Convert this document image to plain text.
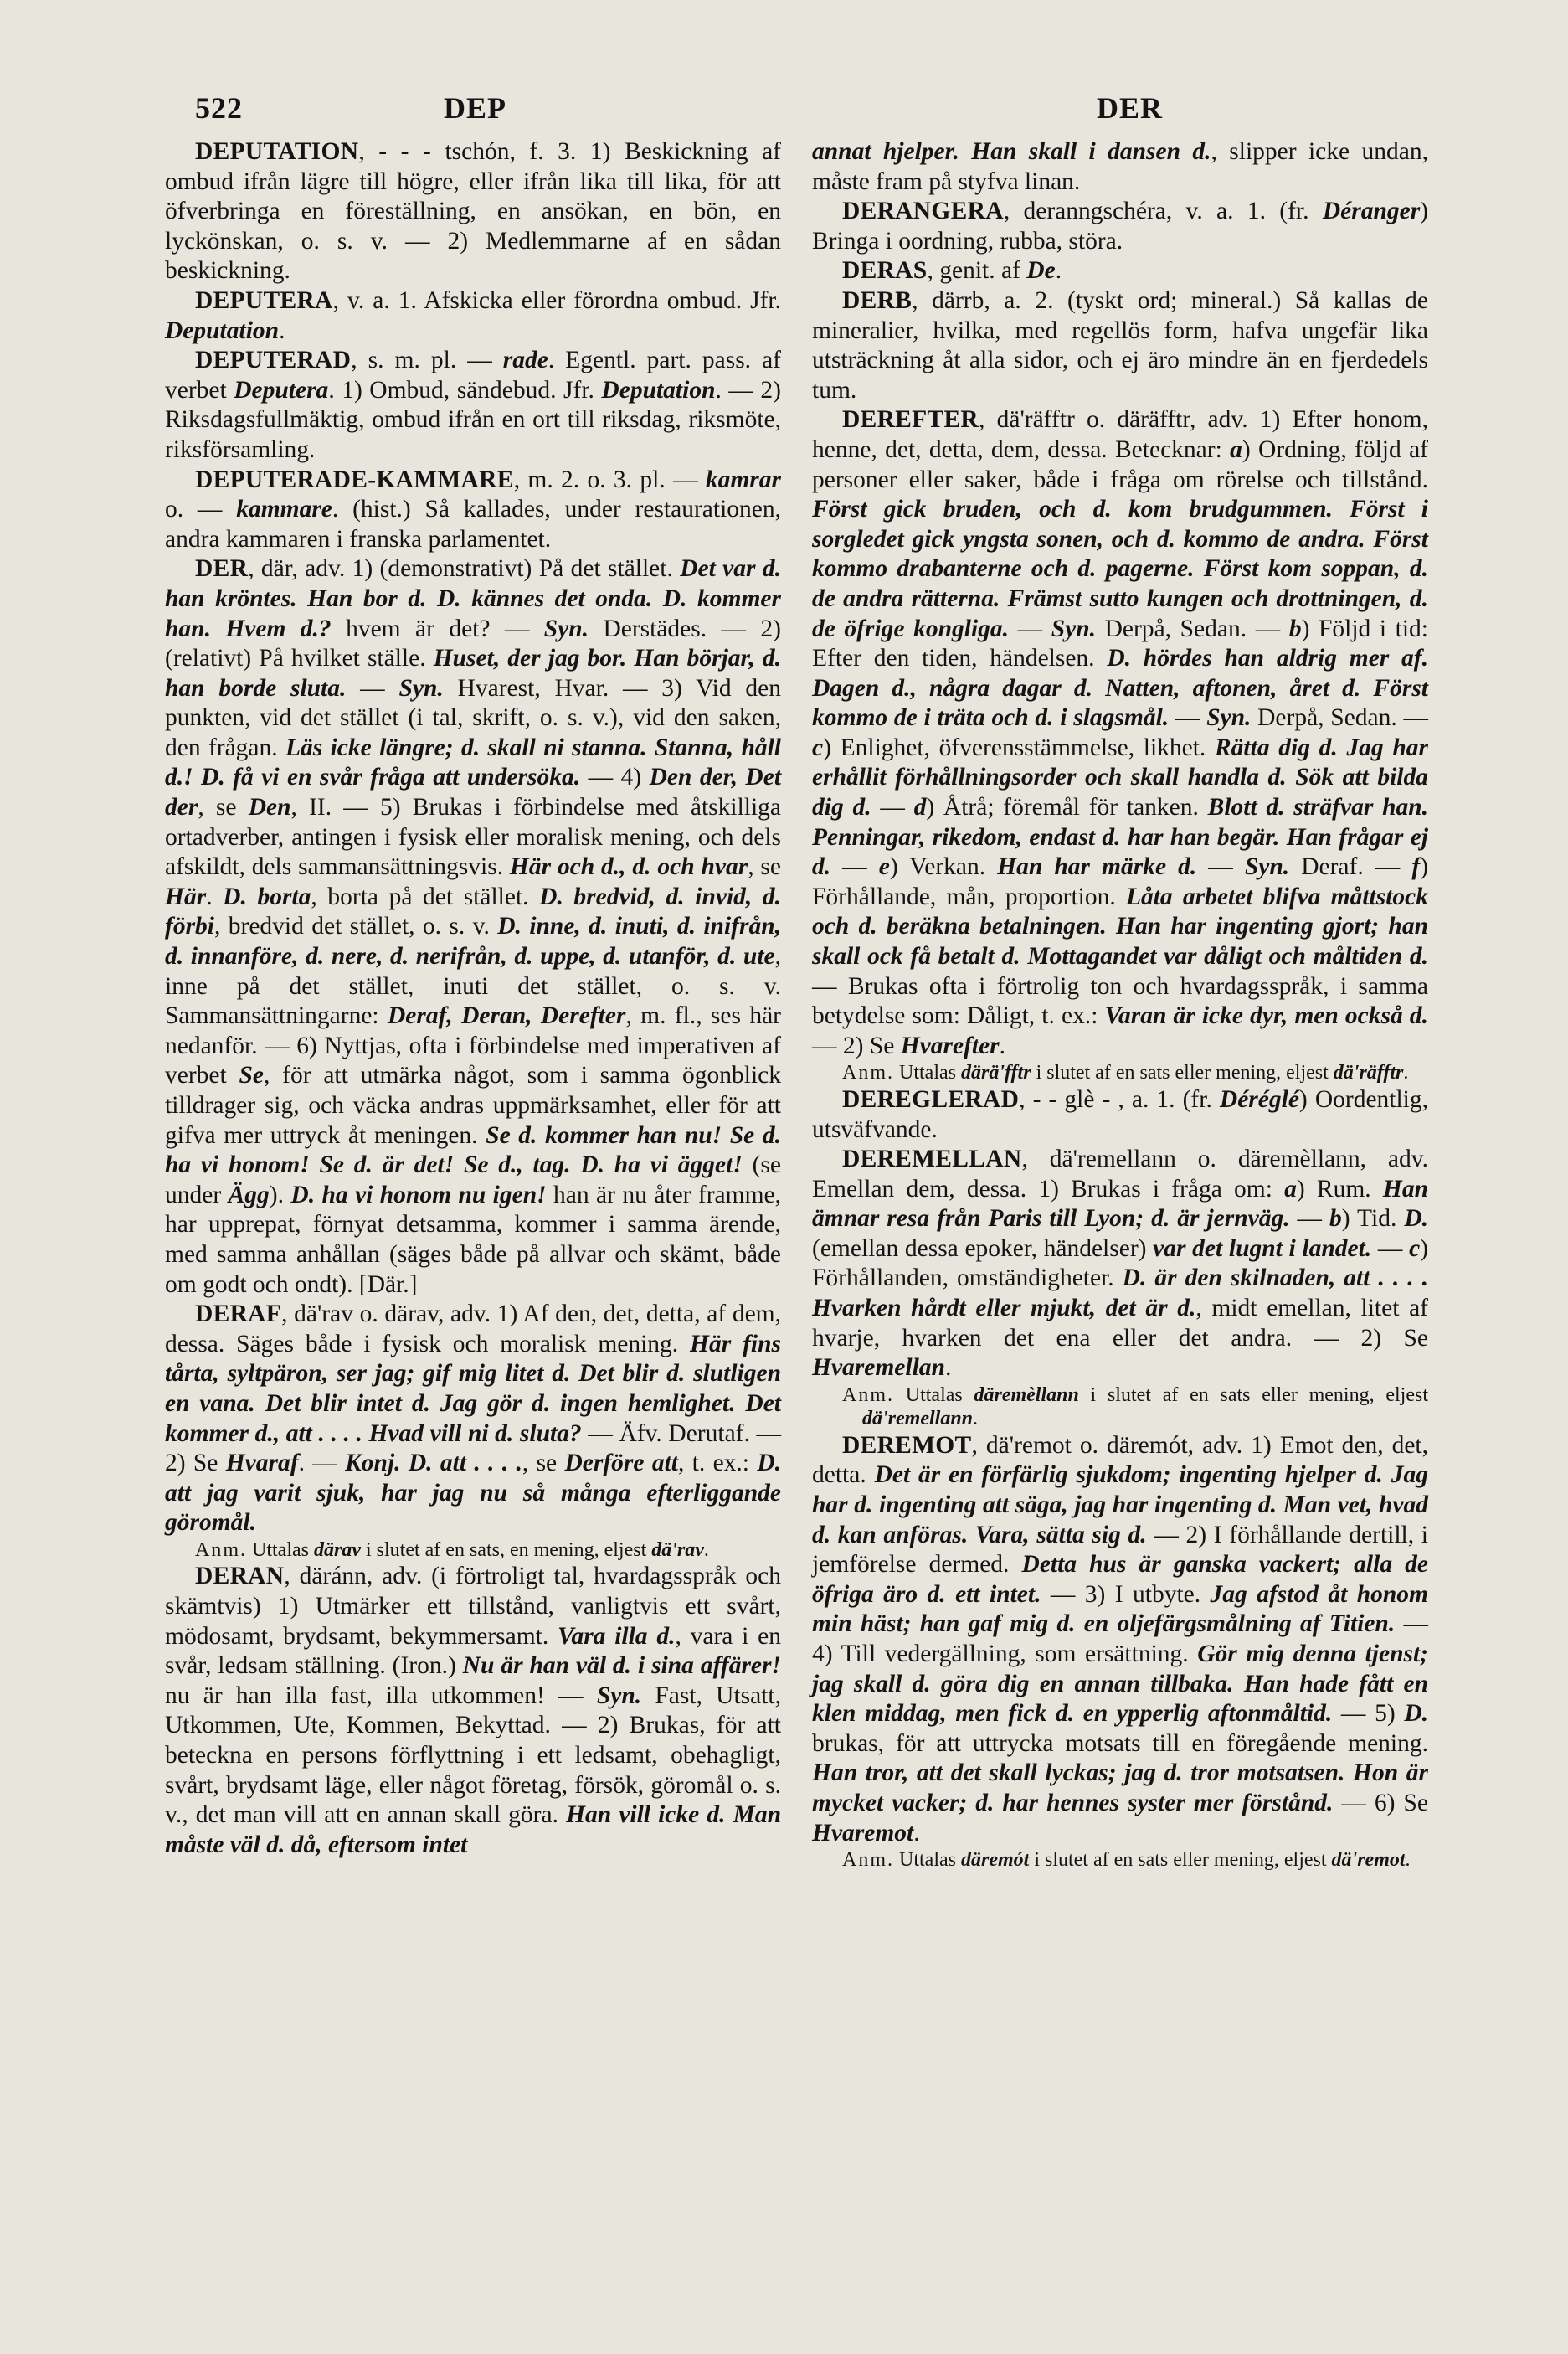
522	DEP	DER

DEPUTATION, - - - tschón, f. 3. 1) Beskickning af ombud ifrån lägre till högre, eller ifrån lika till lika, för att öfverbringa en föreställning, en ansökan, en bön, en lyckönskan, o. s. v. — 2) Medlemmarne af en sådan beskickning.

DEPUTERA, v. a. 1. Afskicka eller förordna ombud. Jfr. Deputation.

DEPUTERAD, s. m. pl. — rade. Egentl. part. pass. af verbet Deputera. 1) Ombud, sändebud. Jfr. Deputation. — 2) Riksdagsfullmäktig, ombud ifrån en ort till riksdag, riksmöte, riksförsamling.

DEPUTERADE-KAMMARE, m. 2. o. 3. pl. — kamrar o. — kammare. (hist.) Så kallades, under restaurationen, andra kammaren i franska parlamentet.

DER, där, adv. 1) (demonstrativt) På det stället. Det var d. han kröntes. Han bor d. D. kännes det onda. D. kommer han. Hvem d.? hvem är det? — Syn. Derstädes. — 2) (relativt) På hvilket ställe. Huset, der jag bor. Han börjar, d. han borde sluta. — Syn. Hvarest, Hvar. — 3) Vid den punkten, vid det stället (i tal, skrift, o. s. v.), vid den saken, den frågan. Läs icke längre; d. skall ni stanna. Stanna, håll d.! D. få vi en svår fråga att undersöka. — 4) Den der, Det der, se Den, II. — 5) Brukas i förbindelse med åtskilliga ortadverber, antingen i fysisk eller moralisk mening, och dels afskildt, dels sammansättningsvis. Här och d., d. och hvar, se Här. D. borta, borta på det stället. D. bredvid, d. invid, d. förbi, bredvid det stället, o. s. v. D. inne, d. inuti, d. inifrån, d. innanföre, d. nere, d. nerifrån, d. uppe, d. utanför, d. ute, inne på det stället, inuti det stället, o. s. v. Sammansättningarne: Deraf, Deran, Derefter, m. fl., ses här nedanför. — 6) Nyttjas, ofta i förbindelse med imperativen af verbet Se, för att utmärka något, som i samma ögonblick tilldrager sig, och väcka andras uppmärksamhet, eller för att gifva mer uttryck åt meningen. Se d. kommer han nu! Se d. ha vi honom! Se d. är det! Se d., tag. D. ha vi ägget! (se under Ägg). D. ha vi honom nu igen! han är nu åter framme, har upprepat, förnyat detsamma, kommer i samma ärende, med samma anhållan (säges både på allvar och skämt, både om godt och ondt). [Där.]

DERAF, dä'rav o. därav, adv. 1) Af den, det, detta, af dem, dessa. Säges både i fysisk och moralisk mening. Här fins tårta, syltpäron, ser jag; gif mig litet d. Det blir d. slutligen en vana. Det blir intet d. Jag gör d. ingen hemlighet. Det kommer d., att . . . . Hvad vill ni d. sluta? — Äfv. Derutaf. — 2) Se Hvaraf. — Konj. D. att . . . ., se Derföre att, t. ex.: D. att jag varit sjuk, har jag nu så många efterliggande göromål.

Anm. Uttalas därav i slutet af en sats, en mening, eljest dä'rav.

DERAN, däránn, adv. (i förtroligt tal, hvardagsspråk och skämtvis) 1) Utmärker ett tillstånd, vanligtvis ett svårt, mödosamt, brydsamt, bekymmersamt. Vara illa d., vara i en svår, ledsam ställning. (Iron.) Nu är han väl d. i sina affärer! nu är han illa fast, illa utkommen! — Syn. Fast, Utsatt, Utkommen, Ute, Kommen, Bekyttad. — 2) Brukas, för att beteckna en persons förflyttning i ett ledsamt, obehagligt, svårt, brydsamt läge, eller något företag, försök, göromål o. s. v., det man vill att en annan skall göra. Han vill icke d. Man måste väl d. då, eftersom intet

annat hjelper. Han skall i dansen d., slipper icke undan, måste fram på styfva linan.

DERANGERA, deranngschéra, v. a. 1. (fr. Déranger) Bringa i oordning, rubba, störa.

DERAS, genit. af De.

DERB, därrb, a. 2. (tyskt ord; mineral.) Så kallas de mineralier, hvilka, med regellös form, hafva ungefär lika utsträckning åt alla sidor, och ej äro mindre än en fjerdedels tum.

DEREFTER, dä'räfftr o. däräfftr, adv. 1) Efter honom, henne, det, detta, dem, dessa. Betecknar: a) Ordning, följd af personer eller saker, både i fråga om rörelse och tillstånd. Först gick bruden, och d. kom brudgummen. Först i sorgledet gick yngsta sonen, och d. kommo de andra. Först kommo drabanterne och d. pagerne. Först kom soppan, d. de andra rätterna. Främst sutto kungen och drottningen, d. de öfrige kongliga. — Syn. Derpå, Sedan. — b) Följd i tid: Efter den tiden, händelsen. D. hördes han aldrig mer af. Dagen d., några dagar d. Natten, aftonen, året d. Först kommo de i träta och d. i slagsmål. — Syn. Derpå, Sedan. — c) Enlighet, öfverensstämmelse, likhet. Rätta dig d. Jag har erhållit förhållningsorder och skall handla d. Sök att bilda dig d. — d) Åtrå; föremål för tanken. Blott d. sträfvar han. Penningar, rikedom, endast d. har han begär. Han frågar ej d. — e) Verkan. Han har märke d. — Syn. Deraf. — f) Förhållande, mån, proportion. Låta arbetet blifva måttstock och d. beräkna betalningen. Han har ingenting gjort; han skall ock få betalt d. Mottagandet var dåligt och måltiden d. — Brukas ofta i förtrolig ton och hvardagsspråk, i samma betydelse som: Dåligt, t. ex.: Varan är icke dyr, men också d. — 2) Se Hvarefter.

Anm. Uttalas därä'fftr i slutet af en sats eller mening, eljest dä'räfftr.

DEREGLERAD, - - glè - , a. 1. (fr. Déréglé) Oordentlig, utsväfvande.

DEREMELLAN, dä'remellann o. däremèllann, adv. Emellan dem, dessa. 1) Brukas i fråga om: a) Rum. Han ämnar resa från Paris till Lyon; d. är jernväg. — b) Tid. D. (emellan dessa epoker, händelser) var det lugnt i landet. — c) Förhållanden, omständigheter. D. är den skilnaden, att . . . . Hvarken hårdt eller mjukt, det är d., midt emellan, litet af hvarje, hvarken det ena eller det andra. — 2) Se Hvaremellan.

Anm. Uttalas däremèllann i slutet af en sats eller mening, eljest dä'remellann.

DEREMOT, dä'remot o. däremót, adv. 1) Emot den, det, detta. Det är en förfärlig sjukdom; ingenting hjelper d. Jag har d. ingenting att säga, jag har ingenting d. Man vet, hvad d. kan anföras. Vara, sätta sig d. — 2) I förhållande dertill, i jemförelse dermed. Detta hus är ganska vackert; alla de öfriga äro d. ett intet. — 3) I utbyte. Jag afstod åt honom min häst; han gaf mig d. en oljefärgsmålning af Titien. — 4) Till vedergällning, som ersättning. Gör mig denna tjenst; jag skall d. göra dig en annan tillbaka. Han hade fått en klen middag, men fick d. en ypperlig aftonmåltid. — 5) D. brukas, för att uttrycka motsats till en föregående mening. Han tror, att det skall lyckas; jag d. tror motsatsen. Hon är mycket vacker; d. har hennes syster mer förstånd. — 6) Se Hvaremot.

Anm. Uttalas däremót i slutet af en sats eller mening, eljest dä'remot.
